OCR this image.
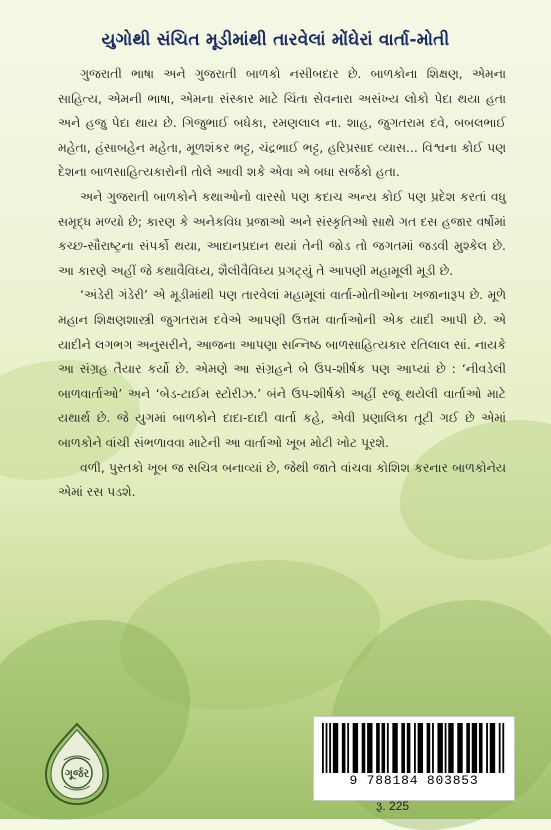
યુગોથી સંચિત મૂડીમાંથી તારવેલાં મોંઘેરાં વાર્તા-મોતી

ગુજરાતી ભાષા અને ગુજરાતી બાળકો નસીબદાર છે. બાળકોના શિક્ષણ, એમના સાહિત્ય, એમની ભાષા, એમના સંસ્કાર માટે ચિંતા સેવનારા અસંખ્ય લોકો પેદા થયા હતા અને હજુ પેદા થાય છે. ગિજુભાઈ બધેકા, રમણલાલ ના. શાહ, જુગતરામ દવે, બબલભાઈ મહેતા, હંસાબહેન મહેતા, મૂળશંકર ભટ્ટ, ચંદ્રભાઈ ભટ્ટ, હરિપ્રસાદ વ્યાસ... વિશ્વના કોઈ પણ દેશના બાળસાહિત્યકારોની તોલે આવી શકે એવા એ બધા સર્જકો હતા.

અને ગુજરાતી બાળકોને કથાઓનો વારસો પણ કદાચ અન્ય કોઈ પણ પ્રદેશ કરતાં વધુ સમૃદ્ધ મળ્યો છે; કારણ કે અનેકવિધ પ્રજાઓ અને સંસ્કૃતિઓ સાથે ગત દસ હજાર વર્ષોમાં કચ્છ-સૌરાષ્ટ્રના સંપર્કો થયા, આદાનપ્રદાન થયાં તેની જોડ તો જગતમાં જડવી મુશ્કેલ છે. આ કારણે અહીં જે કથાવૈવિધ્ય, શૈલીવૈવિધ્ય પ્રગટ્યું તે આપણી મહામૂલી મૂડી છે.

‘અંડેરી ગંડેરી’ એ મૂડીમાંથી પણ તારવેલાં મહામૂલાં વાર્તા-મોતીઓના ખજાનારૂપ છે. મૂળે મહાન શિક્ષણશાસ્ત્રી જુગતરામ દવેએ આપણી ઉત્તમ વાર્તાઓની એક યાદી આપી છે. એ યાદીને લગભગ અનુસરીને, આજના આપણા સન્નિષ્ઠ બાળસાહિત્યકાર રતિલાલ સાં. નાયકે આ સંગ્રહ તૈયાર કર્યો છે. એમણે આ સંગ્રહને બે ઉપ-શીર્ષક પણ આપ્યાં છે : ‘નીવડેલી બાળવાર્તાઓ’ અને ‘બેડ-ટાઈમ સ્ટોરીઝ.’ બંને ઉપ-શીર્ષકો અહીં રજૂ થયેલી વાર્તાઓ માટે યથાર્થ છે. જે યુગમાં બાળકોને દાદા-દાદી વાર્તા કહે, એવી પ્રણાલિકા તૂટી ગઈ છે એમાં બાળકોને વાંચી સંભળાવવા માટેની આ વાર્તાઓ ખૂબ મોટી ખોટ પૂરશે.

વળી, પુસ્તકો ખૂબ જ સચિત્ર બનાવ્યાં છે, જેથી જાતે વાંચવા કોશિશ કરનાર બાળકોનેય એમાં રસ પડશે.

ગૂર્જર	9 788184 803853
રૂ. 225
